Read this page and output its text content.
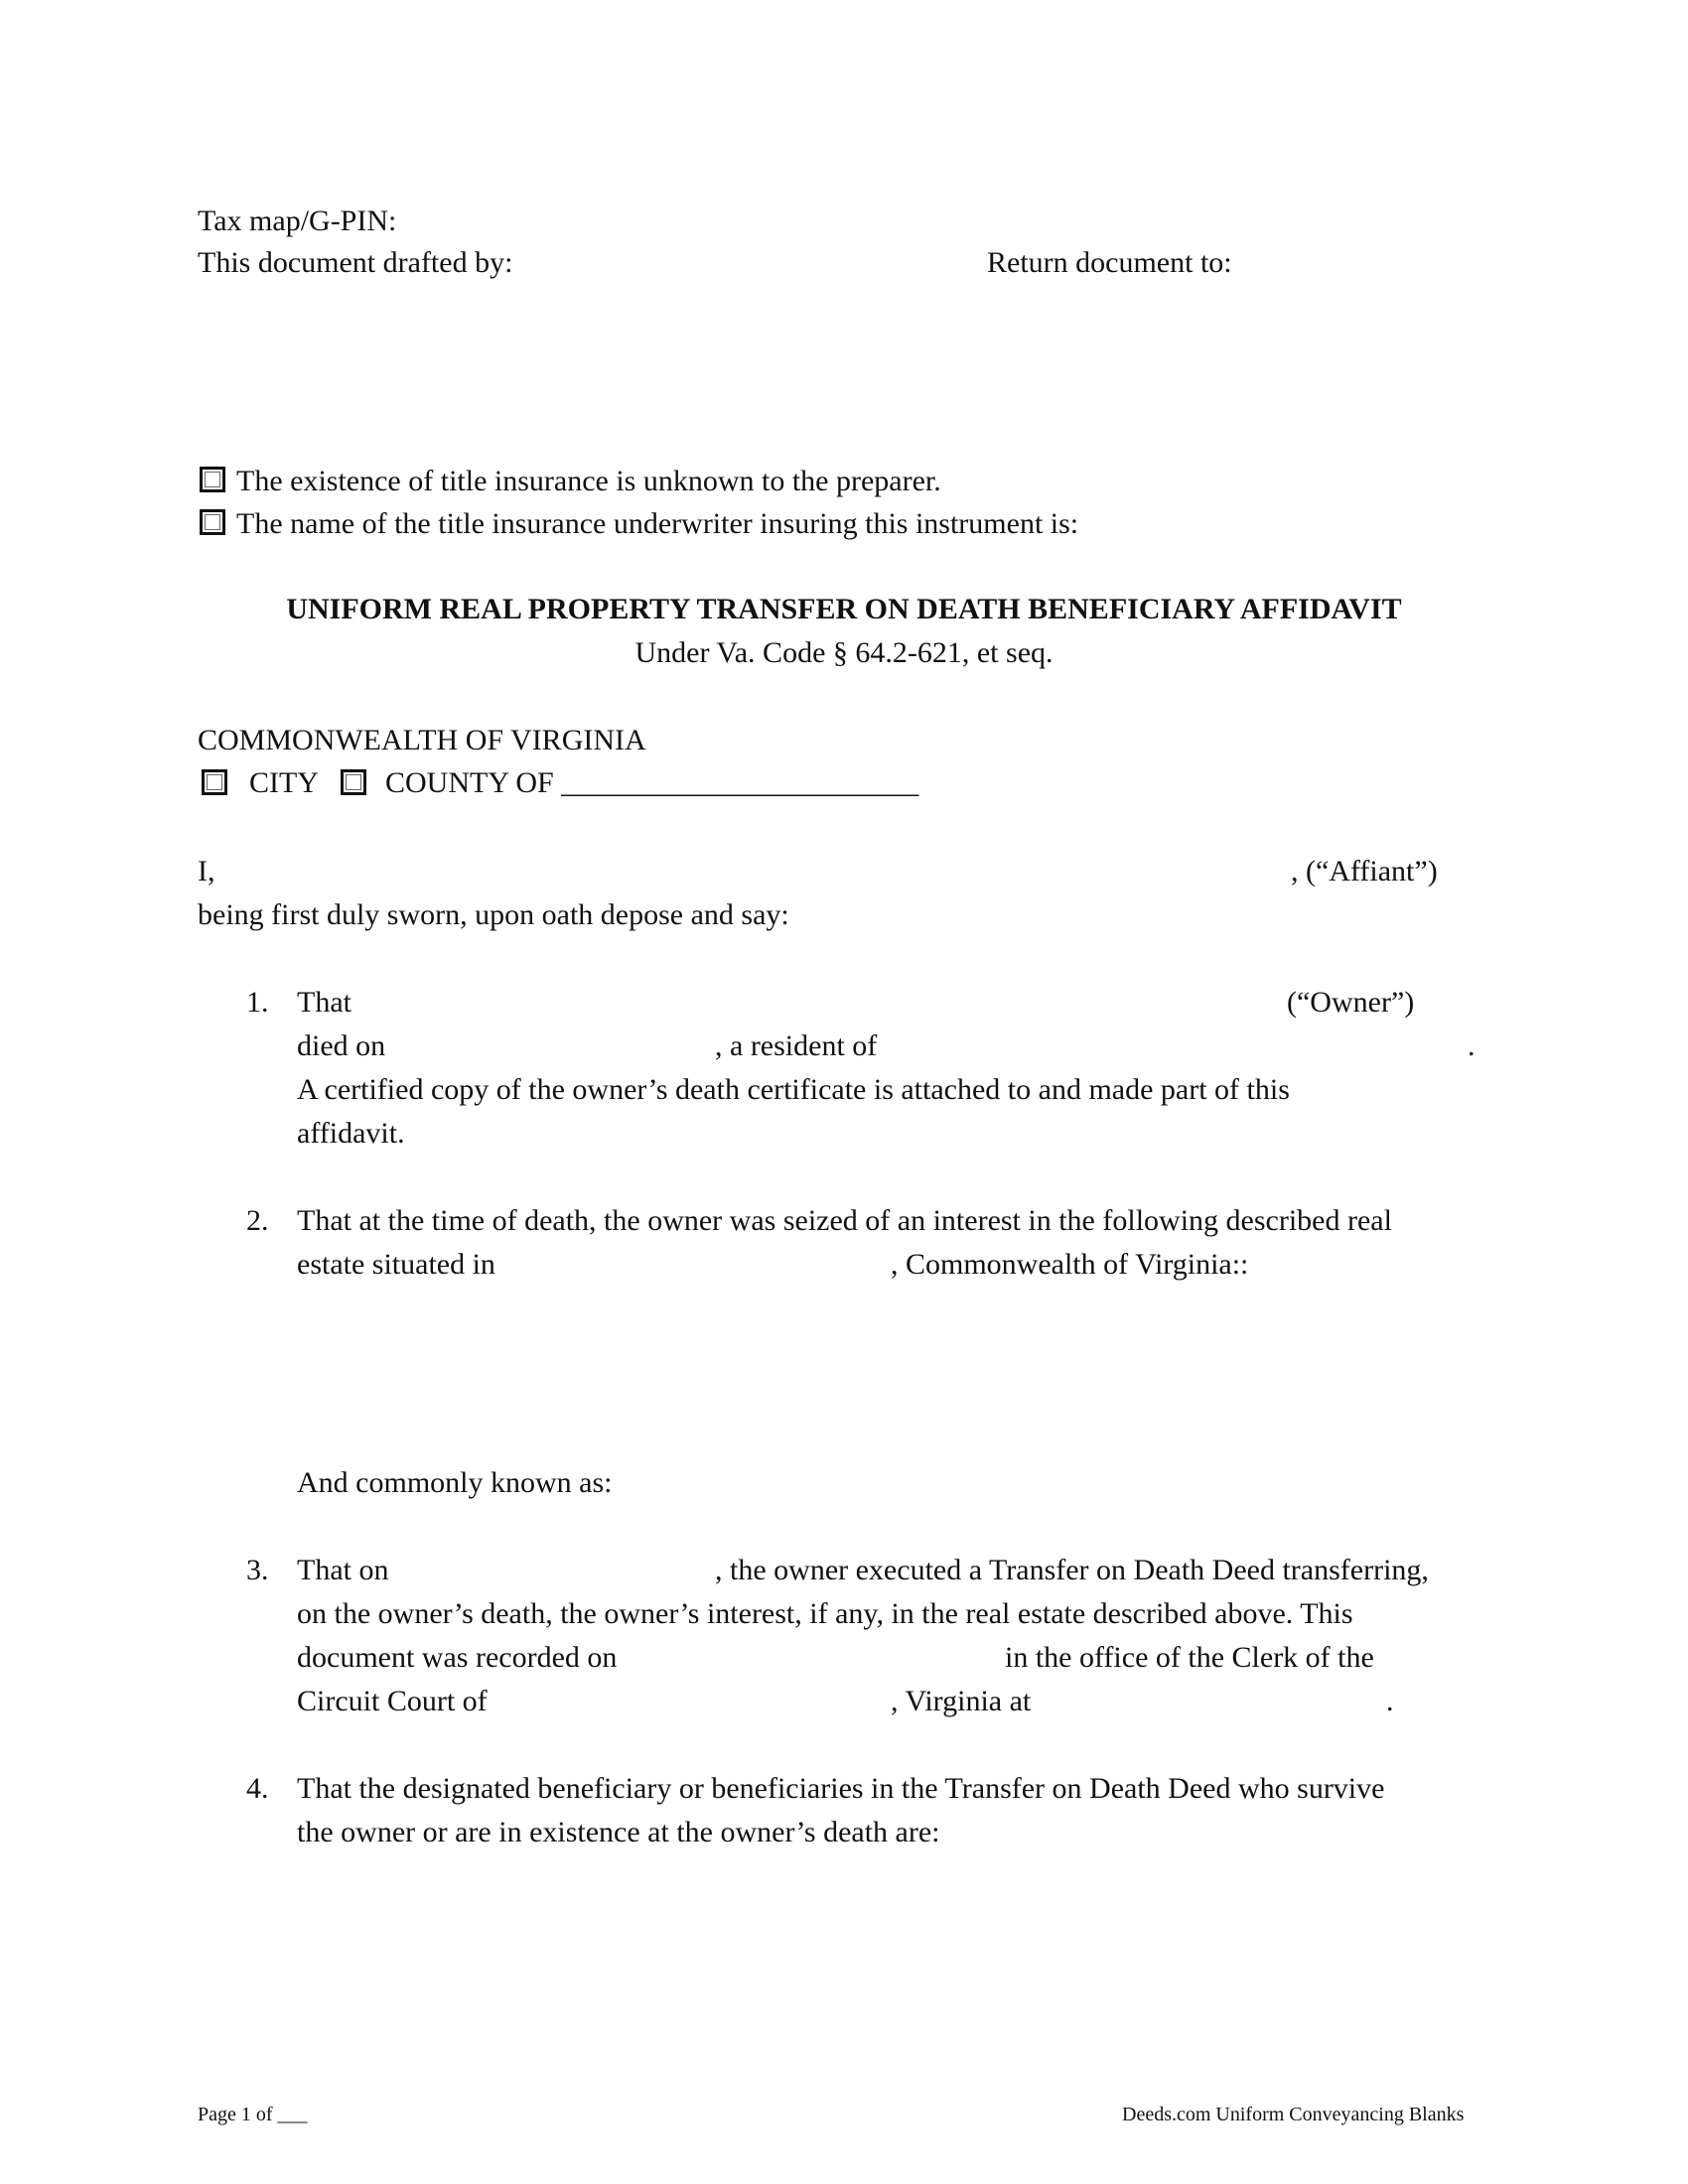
Tax map/G-PIN:
This document drafted by:	Return document to:
The existence of title insurance is unknown to the preparer.
The name of the title insurance underwriter insuring this instrument is:
UNIFORM REAL PROPERTY TRANSFER ON DEATH BENEFICIARY AFFIDAVIT
Under Va. Code § 64.2-621, et seq.
COMMONWEALTH OF VIRGINIA
CITY COUNTY OF ________________________
I,	, (“Affiant”)
being first duly sworn, upon oath depose and say:
1. That	(“Owner”)
died on	, a resident of	.
A certified copy of the owner’s death certificate is attached to and made part of this
affidavit.
2. That at the time of death, the owner was seized of an interest in the following described real
estate situated in	, Commonwealth of Virginia::
And commonly known as:
3. That on	, the owner executed a Transfer on Death Deed transferring,
on the owner’s death, the owner’s interest, if any, in the real estate described above. This
document was recorded on	in the office of the Clerk of the
Circuit Court of	, Virginia at	.
4. That the designated beneficiary or beneficiaries in the Transfer on Death Deed who survive
the owner or are in existence at the owner’s death are:
Page 1 of ___	Deeds.com Uniform Conveyancing Blanks
